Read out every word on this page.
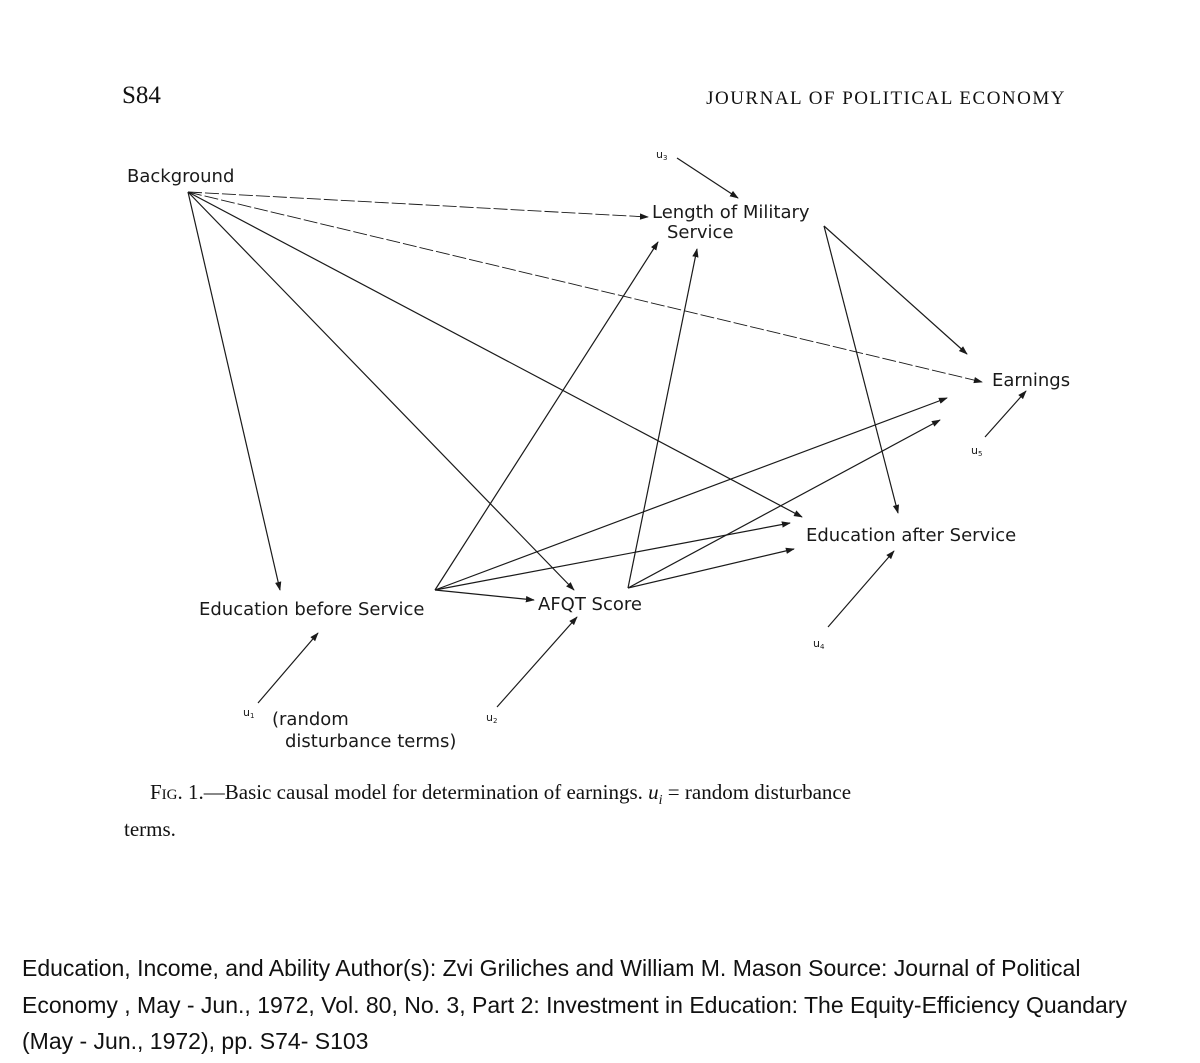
S84	JOURNAL OF POLITICAL ECONOMY
Background
Length of Military
Service
Earnings
Education after Service
Education before Service	AFQT Score
u3
u5
u4
u1	u2
(random
disturbance terms)
Fig. 1.—Basic causal model for determination of earnings. $u_i$ = random disturbance
terms.
Education, Income, and Ability Author(s): Zvi Griliches and William M. Mason Source: Journal of Political Economy , May - Jun., 1972, Vol. 80, No. 3, Part 2: Investment in Education: The Equity-Efficiency Quandary (May - Jun., 1972), pp. S74- S103
